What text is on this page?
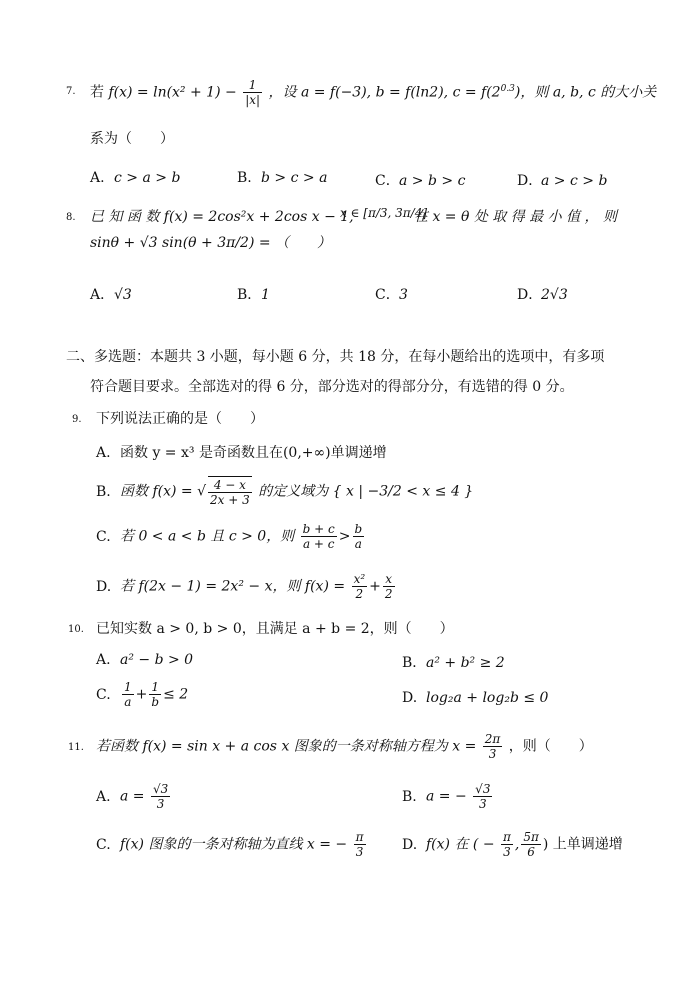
7. 若 $f(x) = \ln(x^2 + 1) - \frac{1}{|x|}$ ，设 a = f(−3), b = f(ln2), $c = f(2^{0.3})$，则 a, b, c 的大小关
系为（　　）
A. c > a > b	B. b > c > a	C．a > b > c	D．a > c > b
8. 已 知 函 数 f(x) = 2cos²x + 2cos x − 1,
x ∈ [π/3, 3π/4]
在 x = θ 处 取 得 最 小 值 ， 则
sinθ + √3 sin(θ + 3π/2) = （　　）
A．√3	B．1	C．3	D．2√3
二、多选题：本题共 3 小题，每小题 6 分，共 18 分，在每小题给出的选项中，有多项
符合题目要求。全部选对的得 6 分，部分选对的得部分分，有选错的得 0 分。
9. 下列说法正确的是（　　）
A. 函数 y = x³ 是奇函数且在(0,+∞)单调递增
B. 函数 f(x) = √ $\frac{4 - x}{2x + 3}$ 的定义域为 { x | −3/2 < x ≤ 4 }
C. 若 0 < a < b 且 c > 0，则 $\frac{b + c}{a + c} > \frac{b}{a}$
D. 若 f(2x − 1) = 2x² − x，则 $f(x) = \frac{\text{x²}}{2} + \frac{x}{2}$
10. 已知实数 a > 0, b > 0，且满足 a + b = 2，则（　　）
A. a² − b > 0	B．a² + b² ≥ 2
C. $\frac{1}{a} + \frac{1}{b} \le 2$	D. log₂a + log₂b ≤ 0
11. 若函数 f(x) = sin x + a cos x 图象的一条对称轴方程为 $x = \frac{2\pi}{3}$ ，则（　　）
A. $a = \frac{√3}{3}$	B. a = − $\frac{√3}{3}$
C. f(x) 图象的一条对称轴为直线 x = − $\frac{\pi}{3}$	D. f(x) 在 ( − $\frac{\pi}{3}$ , $\frac{5\pi}{6}$ ) 上单调递增
